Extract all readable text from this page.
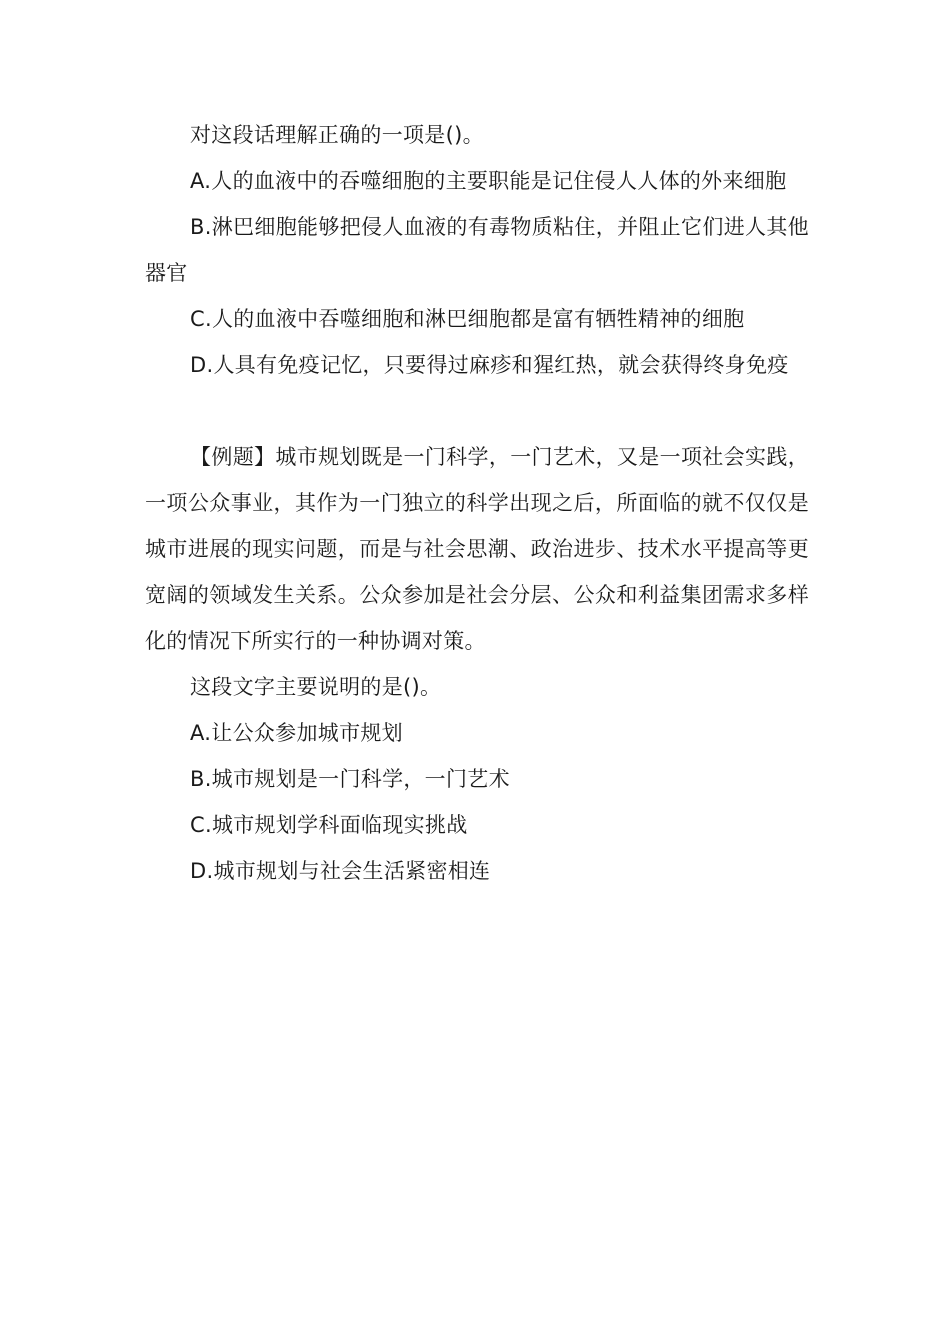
对这段话理解正确的一项是()。

A.人的血液中的吞噬细胞的主要职能是记住侵人人体的外来细胞

B.淋巴细胞能够把侵人血液的有毒物质粘住，并阻止它们进人其他器官

C.人的血液中吞噬细胞和淋巴细胞都是富有牺牲精神的细胞

D.人具有免疫记忆，只要得过麻疹和猩红热，就会获得终身免疫

【例题】城市规划既是一门科学，一门艺术，又是一项社会实践，一项公众事业，其作为一门独立的科学出现之后，所面临的就不仅仅是城市进展的现实问题，而是与社会思潮、政治进步、技术水平提高等更宽阔的领域发生关系。公众参加是社会分层、公众和利益集团需求多样化的情况下所实行的一种协调对策。

这段文字主要说明的是()。

A.让公众参加城市规划

B.城市规划是一门科学，一门艺术

C.城市规划学科面临现实挑战

D.城市规划与社会生活紧密相连
